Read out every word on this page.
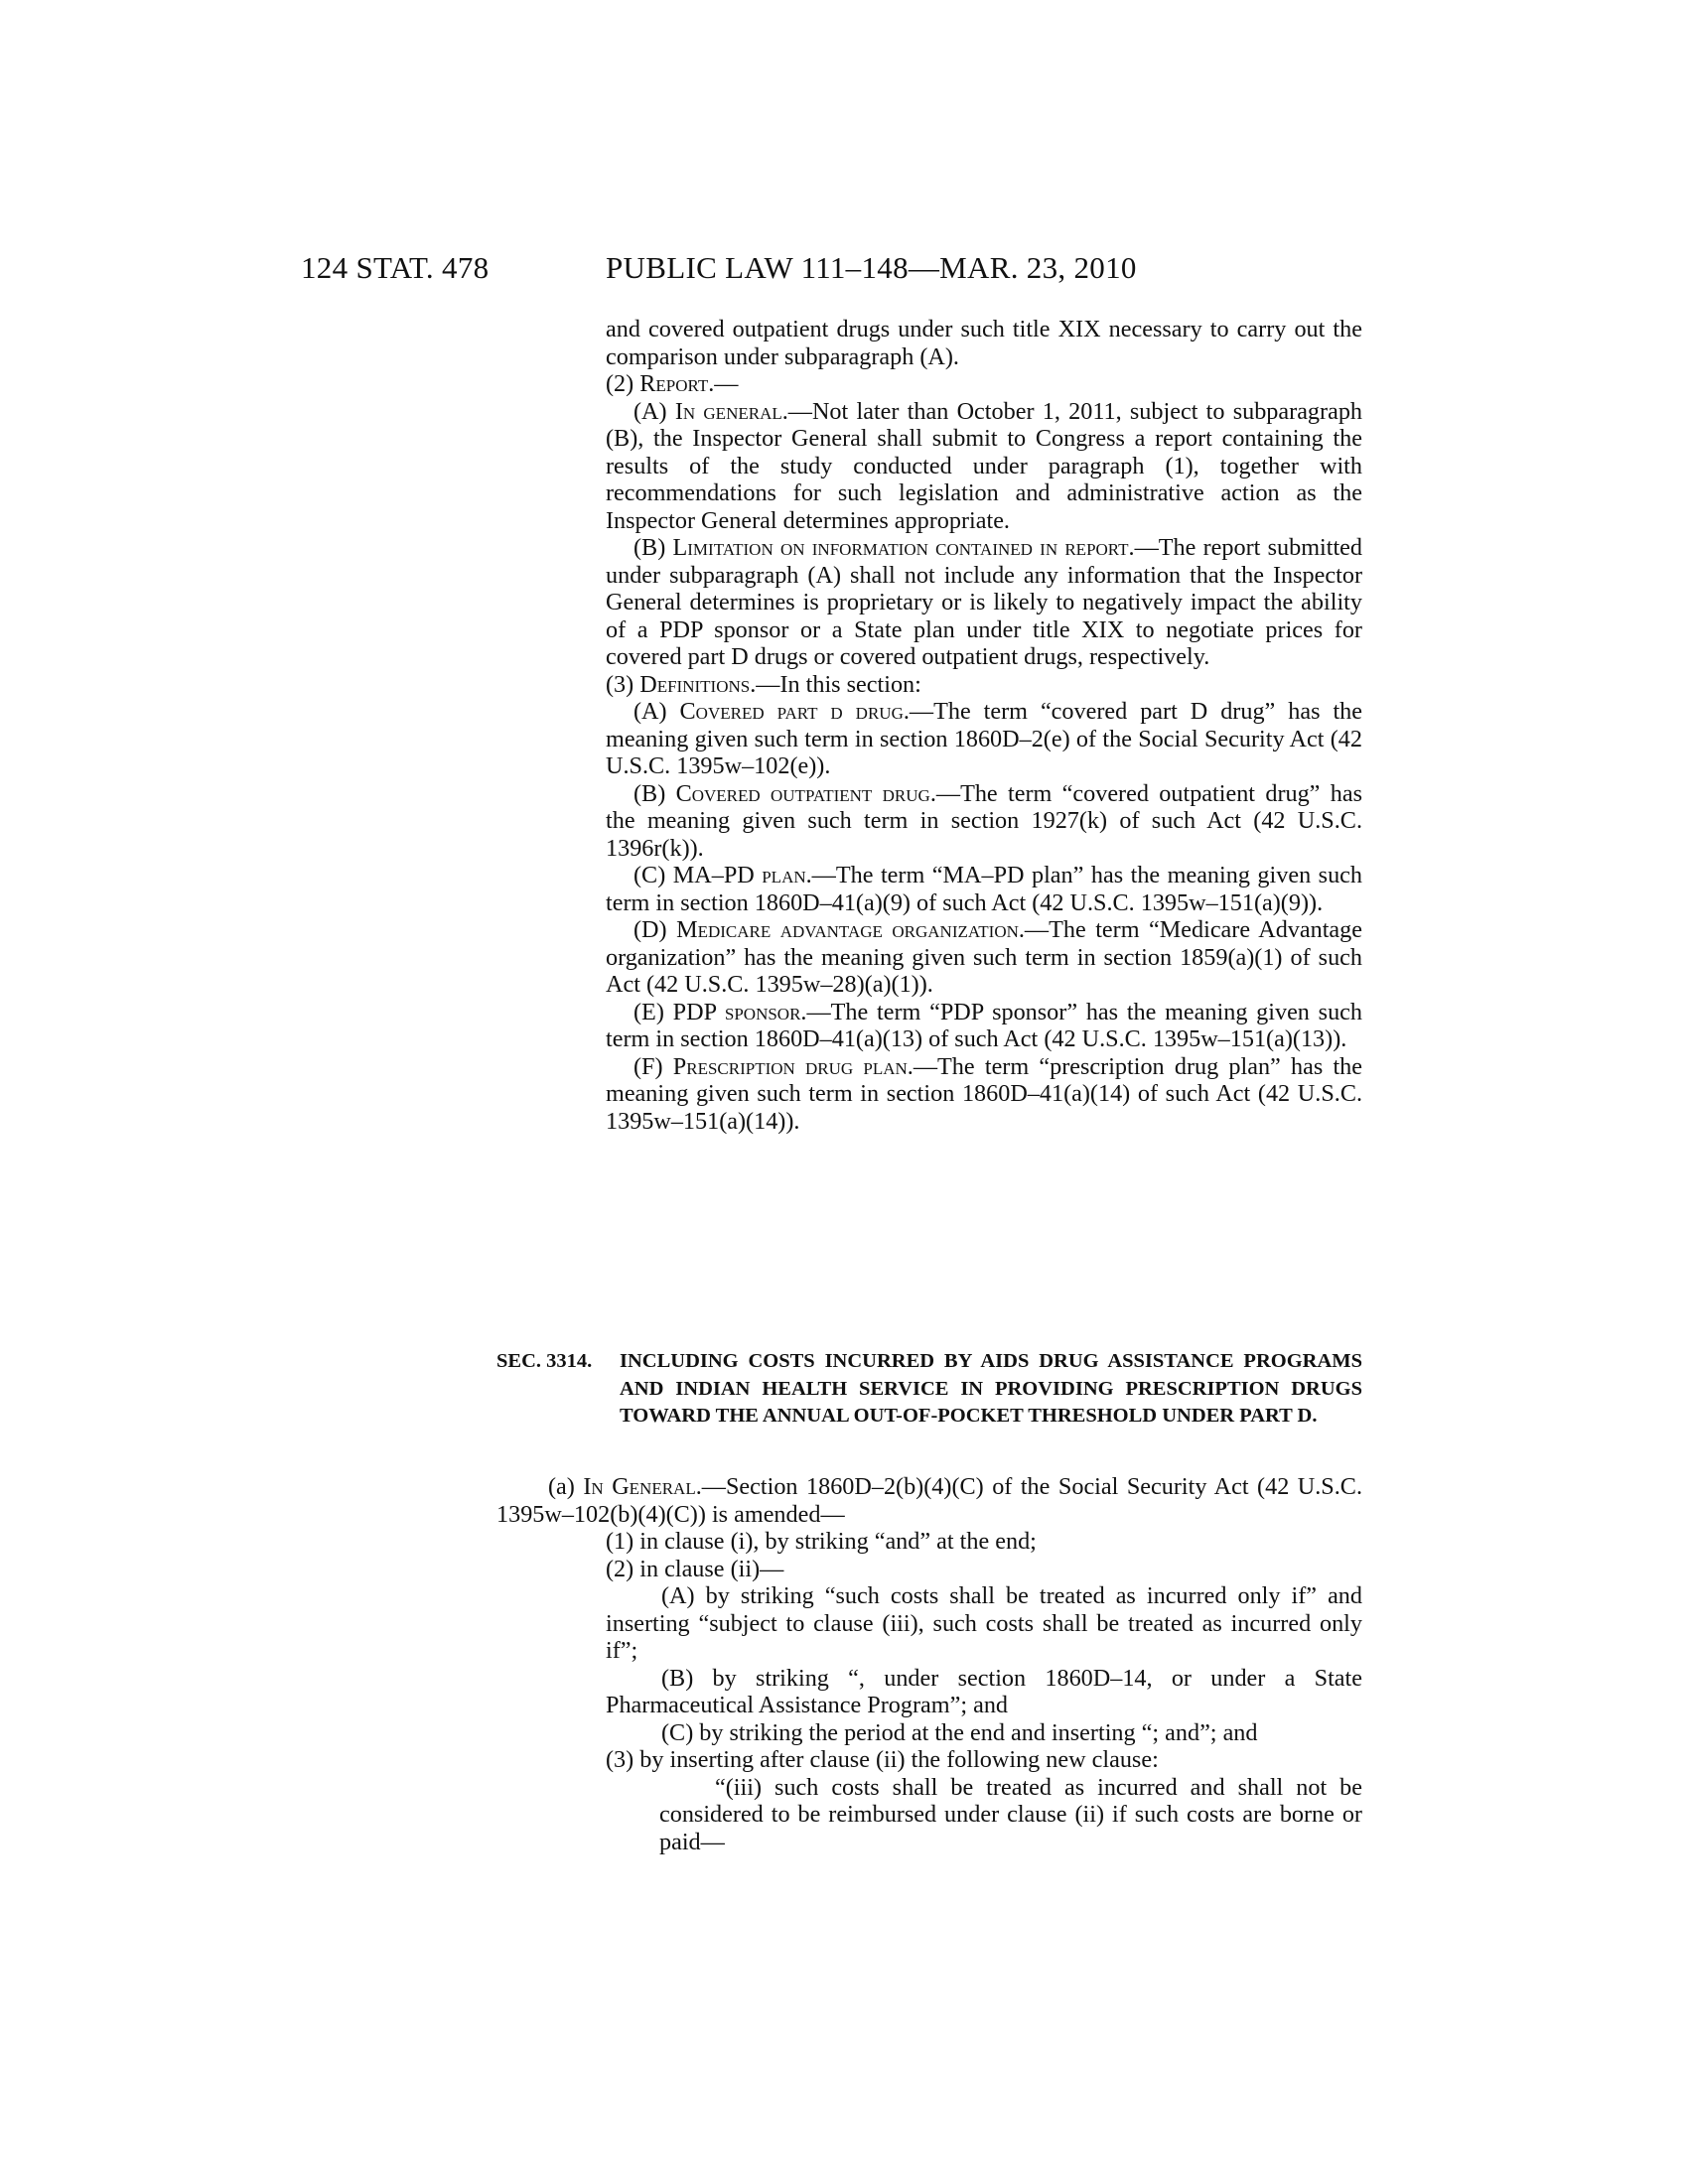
124 STAT. 478	PUBLIC LAW 111–148—MAR. 23, 2010

and covered outpatient drugs under such title XIX necessary to carry out the comparison under subparagraph (A).

(2) Report.—

(A) In general.—Not later than October 1, 2011, subject to subparagraph (B), the Inspector General shall submit to Congress a report containing the results of the study conducted under paragraph (1), together with recommendations for such legislation and administrative action as the Inspector General determines appropriate.

(B) Limitation on information contained in report.—The report submitted under subparagraph (A) shall not include any information that the Inspector General determines is proprietary or is likely to negatively impact the ability of a PDP sponsor or a State plan under title XIX to negotiate prices for covered part D drugs or covered outpatient drugs, respectively.

(3) Definitions.—In this section:

(A) Covered part d drug.—The term “covered part D drug” has the meaning given such term in section 1860D–2(e) of the Social Security Act (42 U.S.C. 1395w–102(e)).

(B) Covered outpatient drug.—The term “covered outpatient drug” has the meaning given such term in section 1927(k) of such Act (42 U.S.C. 1396r(k)).

(C) MA–PD plan.—The term “MA–PD plan” has the meaning given such term in section 1860D–41(a)(9) of such Act (42 U.S.C. 1395w–151(a)(9)).

(D) Medicare advantage organization.—The term “Medicare Advantage organization” has the meaning given such term in section 1859(a)(1) of such Act (42 U.S.C. 1395w–28)(a)(1)).

(E) PDP sponsor.—The term “PDP sponsor” has the meaning given such term in section 1860D–41(a)(13) of such Act (42 U.S.C. 1395w–151(a)(13)).

(F) Prescription drug plan.—The term “prescription drug plan” has the meaning given such term in section 1860D–41(a)(14) of such Act (42 U.S.C. 1395w–151(a)(14)).

SEC. 3314. INCLUDING COSTS INCURRED BY AIDS DRUG ASSISTANCE PROGRAMS AND INDIAN HEALTH SERVICE IN PROVIDING PRESCRIPTION DRUGS TOWARD THE ANNUAL OUT-OF-POCKET THRESHOLD UNDER PART D.

(a) In General.—Section 1860D–2(b)(4)(C) of the Social Security Act (42 U.S.C. 1395w–102(b)(4)(C)) is amended—

(1) in clause (i), by striking “and” at the end;

(2) in clause (ii)—

(A) by striking “such costs shall be treated as incurred only if” and inserting “subject to clause (iii), such costs shall be treated as incurred only if”;

(B) by striking “, under section 1860D–14, or under a State Pharmaceutical Assistance Program”; and

(C) by striking the period at the end and inserting “; and”; and

(3) by inserting after clause (ii) the following new clause:

“(iii) such costs shall be treated as incurred and shall not be considered to be reimbursed under clause (ii) if such costs are borne or paid—
